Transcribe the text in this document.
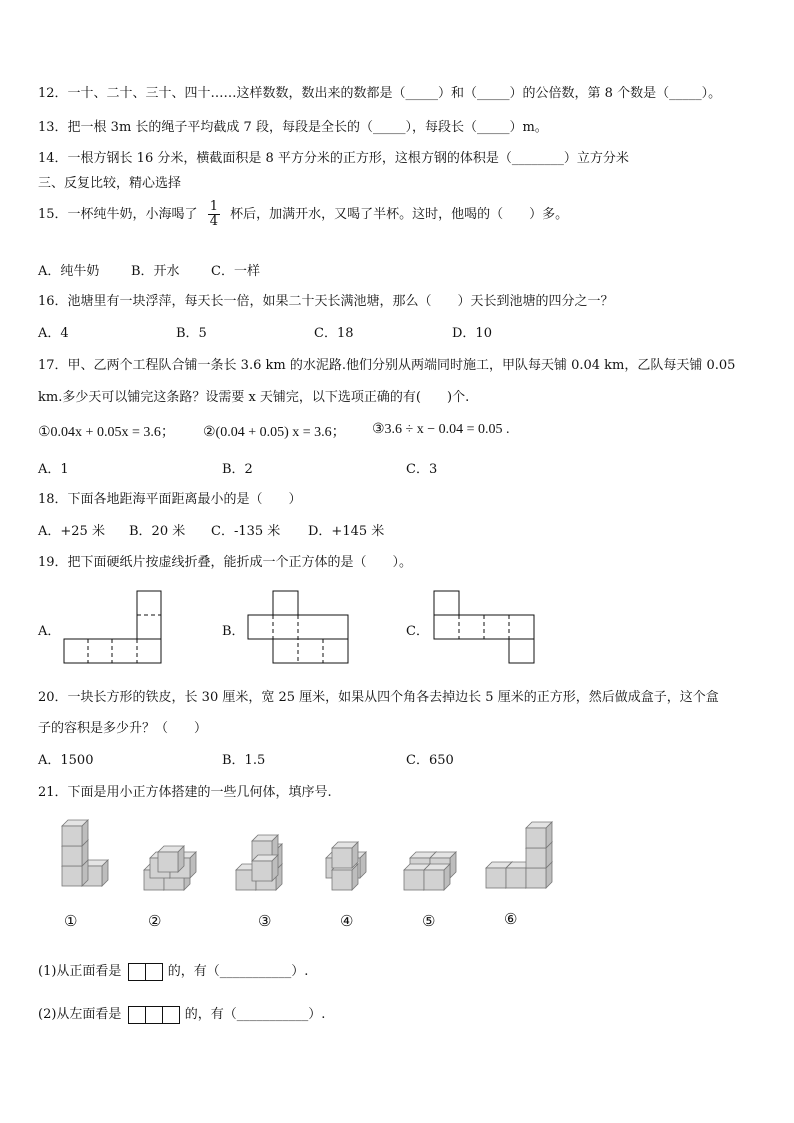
12．一十、二十、三十、四十……这样数数，数出来的数都是（_____）和（_____）的公倍数，第 8 个数是（_____）。
13．把一根 3m 长的绳子平均截成 7 段，每段是全长的（_____），每段长（_____）m。
14．一根方钢长 16 分米，横截面积是 8 平方分米的正方形，这根方钢的体积是（________）立方分米
三、反复比较，精心选择
15．一杯纯牛奶，小海喝了 $\frac{1}{4}$ 杯后，加满开水，又喝了半杯。这时，他喝的（　　）多。
A．纯牛奶 B．开水 C．一样
16．池塘里有一块浮萍，每天长一倍，如果二十天长满池塘，那么（　　）天长到池塘的四分之一？
A．4	B．5	C．18	D．10
17．甲、乙两个工程队合铺一条长 3.6 km 的水泥路.他们分别从两端同时施工，甲队每天铺 0.04 km，乙队每天铺 0.05
km.多少天可以铺完这条路？设需要 x 天铺完，以下选项正确的有(　　)个.
①0.04x + 0.05x = 3.6； ②(0.04 + 0.05) x = 3.6； ③3.6 ÷ x − 0.04 = 0.05 .
A．1	B．2	C．3
18．下面各地距海平面距离最小的是（　　）
A．+25 米 B．20 米 C．-135 米 D．+145 米
19．把下面硬纸片按虚线折叠，能折成一个正方体的是（　　）。
A．	B．	C．
20．一块长方形的铁皮，长 30 厘米，宽 25 厘米，如果从四个角各去掉边长 5 厘米的正方形，然后做成盒子，这个盒
子的容积是多少升？（　　）
A．1500	B．1.5	C．650
21．下面是用小正方体搭建的一些几何体，填序号.
①	②	③	④	⑤	⑥
(1)从正面看是	的，有（___________）.
(2)从左面看是	的，有（___________）.
